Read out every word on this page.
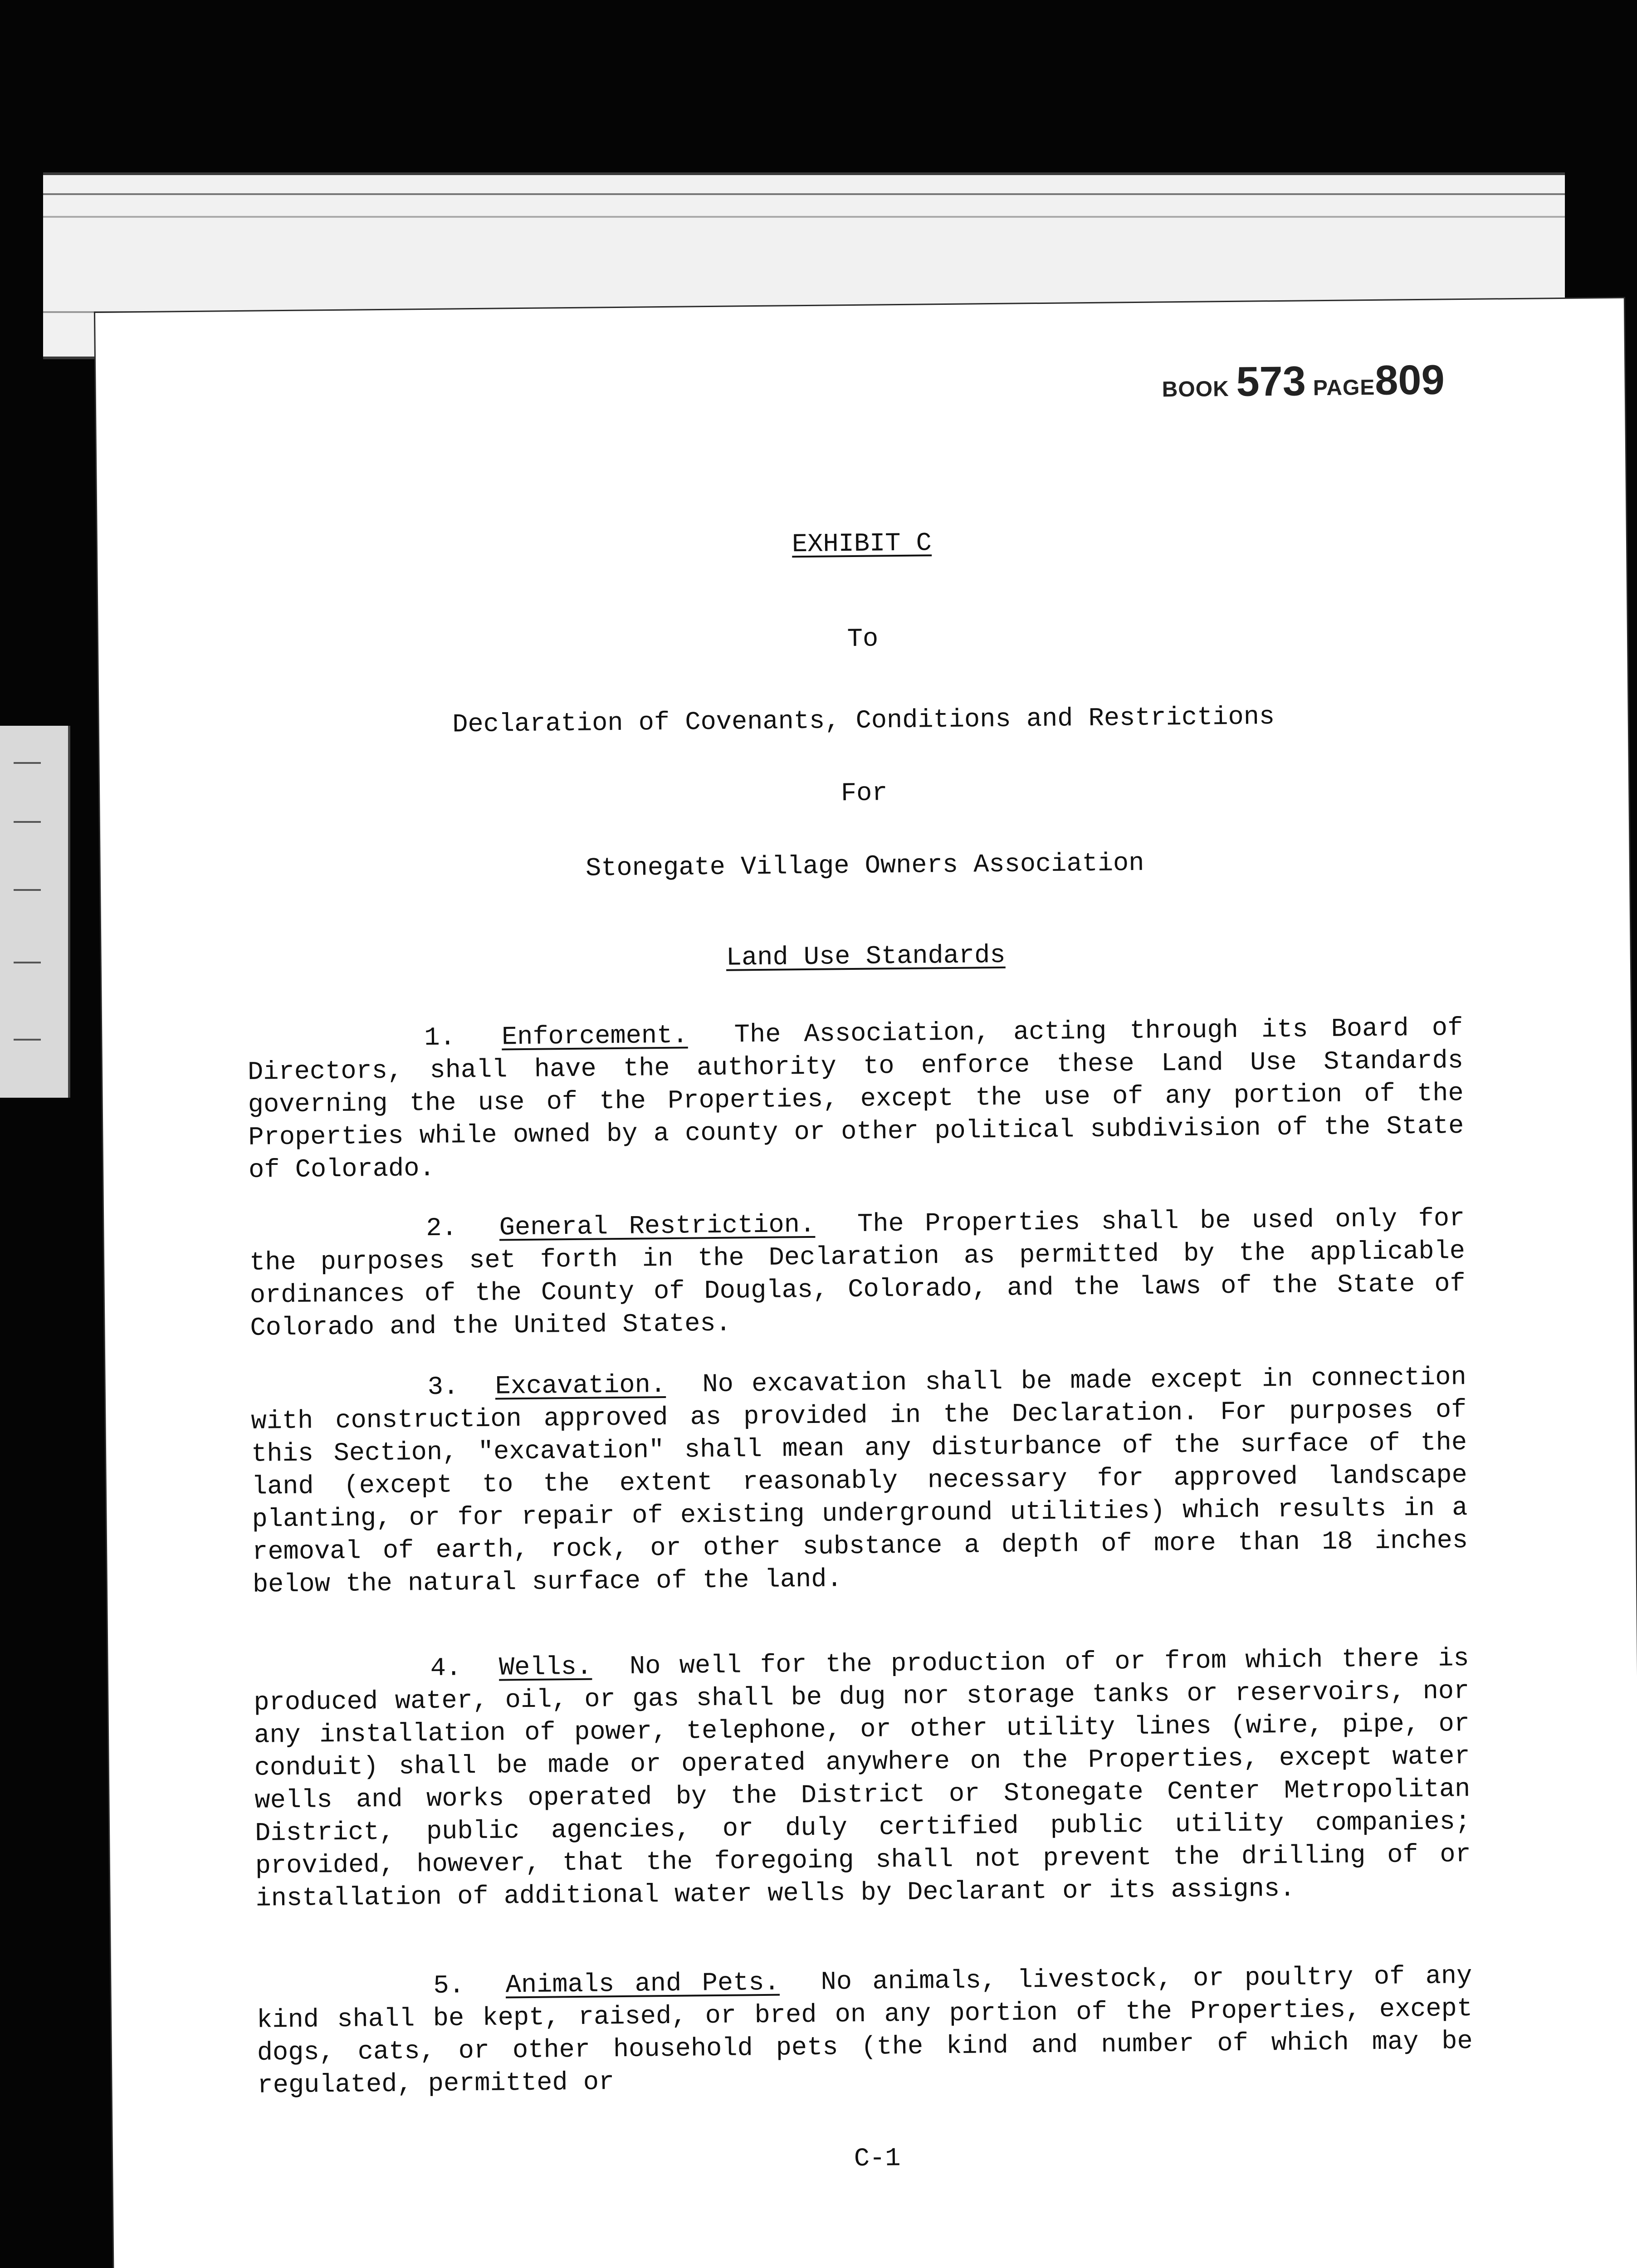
BOOK 573 PAGE809
EXHIBIT C
To
Declaration of Covenants, Conditions and Restrictions
For
Stonegate Village Owners Association
Land Use Standards
1. Enforcement. The Association, acting through its Board of Directors, shall have the authority to enforce these Land Use Standards governing the use of the Properties, except the use of any portion of the Properties while owned by a county or other political subdivision of the State of Colorado.
2. General Restriction. The Properties shall be used only for the purposes set forth in the Declaration as permitted by the applicable ordinances of the County of Douglas, Colorado, and the laws of the State of Colorado and the United States.
3. Excavation. No excavation shall be made except in connection with construction approved as provided in the Declaration. For purposes of this Section, "excavation" shall mean any disturbance of the surface of the land (except to the extent reasonably necessary for approved landscape planting, or for repair of existing underground utilities) which results in a removal of earth, rock, or other substance a depth of more than 18 inches below the natural surface of the land.
4. Wells. No well for the production of or from which there is produced water, oil, or gas shall be dug nor storage tanks or reservoirs, nor any installation of power, telephone, or other utility lines (wire, pipe, or conduit) shall be made or operated anywhere on the Properties, except water wells and works operated by the District or Stonegate Center Metropolitan District, public agencies, or duly certified public utility companies; provided, however, that the foregoing shall not prevent the drilling of or installation of additional water wells by Declarant or its assigns.
5. Animals and Pets. No animals, livestock, or poultry of any kind shall be kept, raised, or bred on any portion of the Properties, except dogs, cats, or other household pets (the kind and number of which may be regulated, permitted or
C-1
